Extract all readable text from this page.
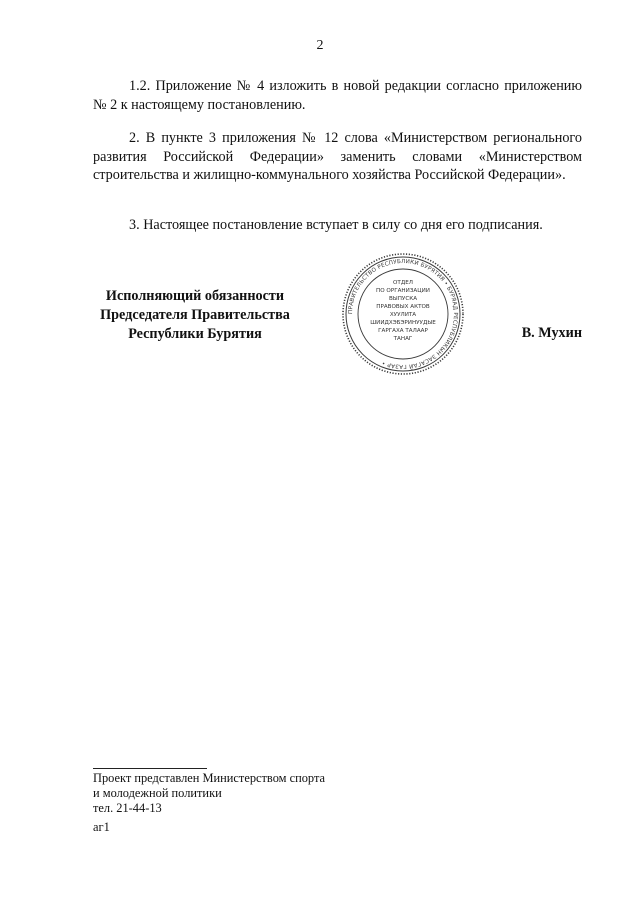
2

1.2. Приложение № 4 изложить в новой редакции согласно приложению № 2 к настоящему постановлению.

2. В пункте 3 приложения № 12 слова «Министерством регионального развития Российской Федерации» заменить словами «Министерством строительства и жилищно-коммунального хозяйства Российской Федерации».

3. Настоящее постановление вступает в силу со дня его подписания.

Исполняющий обязанности
Председателя Правительства
Республики Бурятия
ПРАВИТЕЛЬСТВО РЕСПУБЛИКИ БУРЯТИЯ • БУРЯАД РЕСПУБЛИКЫН ЗАСАГАЙ ГАЗАР •
ОТДЕЛ
ПО ОРГАНИЗАЦИИ
ВЫПУСКА
ПРАВОВЫХ АКТОВ
ХУУЛИТА
ШИИДХЭБЭРИНУУДЫЕ
ГАРГАХА ТАЛААР
ТАНАГ	В. Мухин
Проект представлен Министерством спорта
и молодежной политики
тел. 21-44-13
аг1
